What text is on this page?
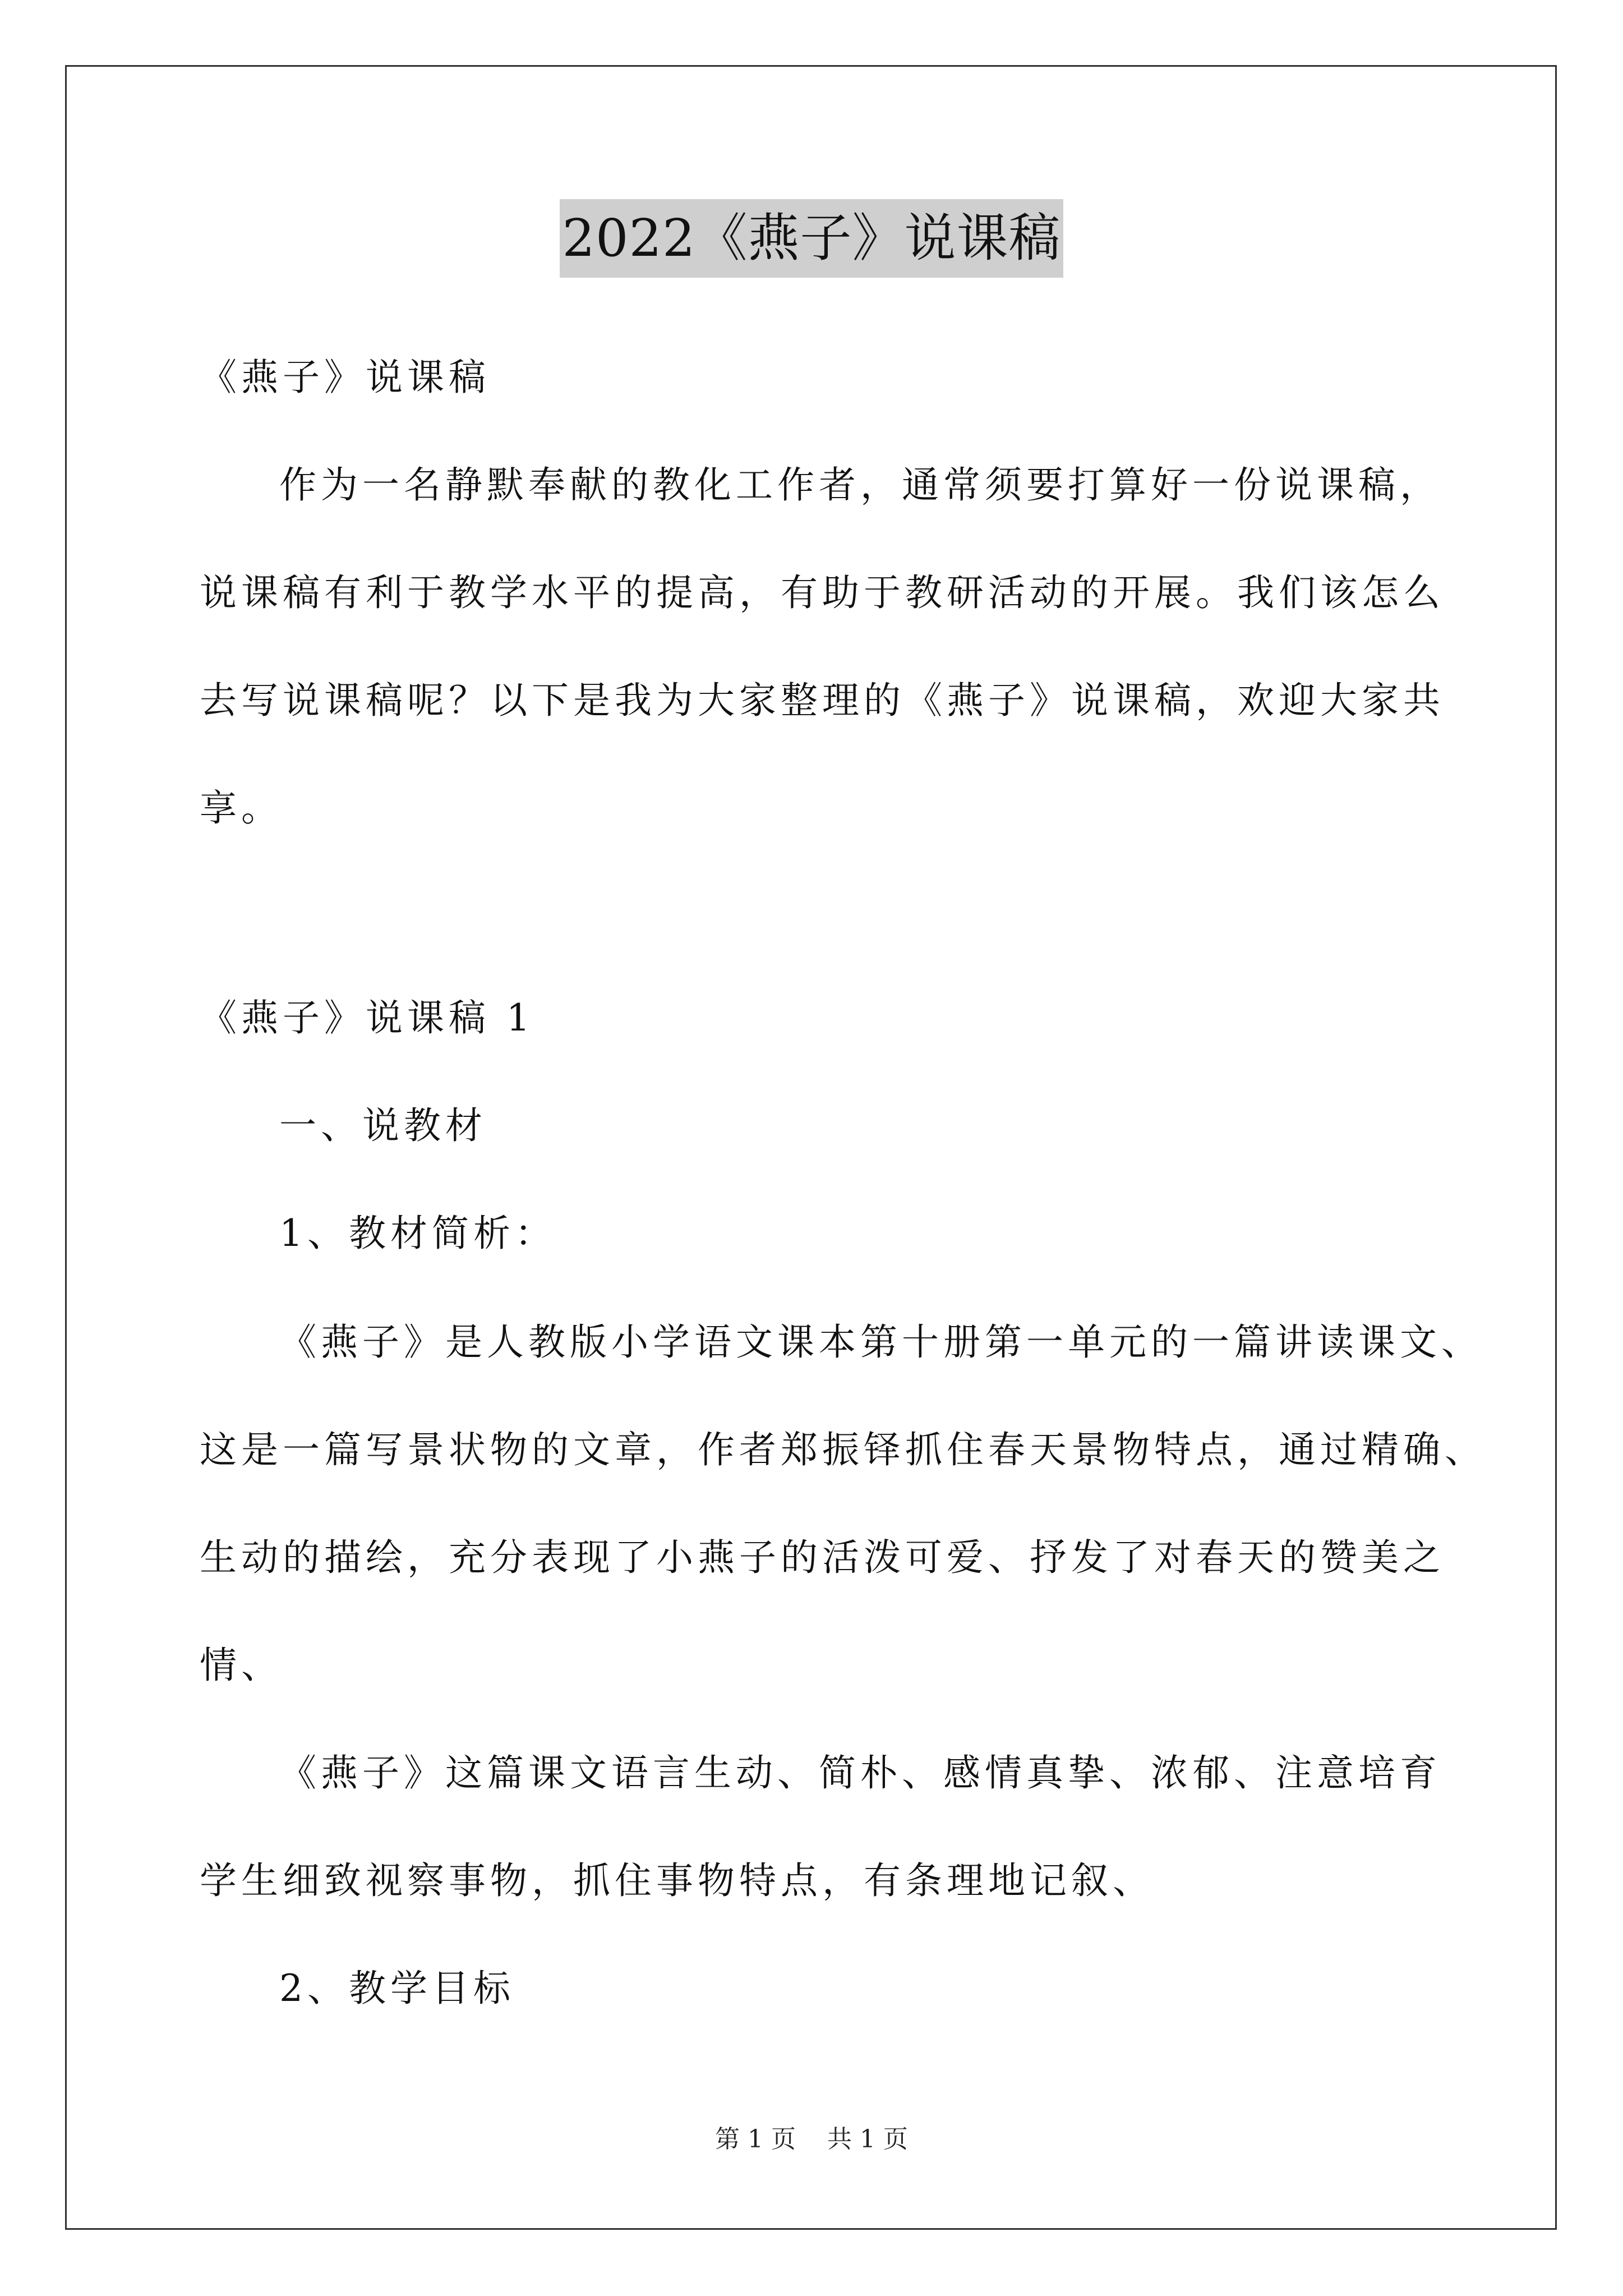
2022《燕子》说课稿

《燕子》说课稿

作为一名静默奉献的教化工作者，通常须要打算好一份说课稿，

说课稿有利于教学水平的提高，有助于教研活动的开展。我们该怎么

去写说课稿呢？以下是我为大家整理的《燕子》说课稿，欢迎大家共

享。

《燕子》说课稿 1

一、说教材

1、教材简析：

《燕子》是人教版小学语文课本第十册第一单元的一篇讲读课文、

这是一篇写景状物的文章，作者郑振铎抓住春天景物特点，通过精确、

生动的描绘，充分表现了小燕子的活泼可爱、抒发了对春天的赞美之

情、

《燕子》这篇课文语言生动、简朴、感情真挚、浓郁、注意培育

学生细致视察事物，抓住事物特点，有条理地记叙、

2、教学目标

第 1 页 共 1 页
